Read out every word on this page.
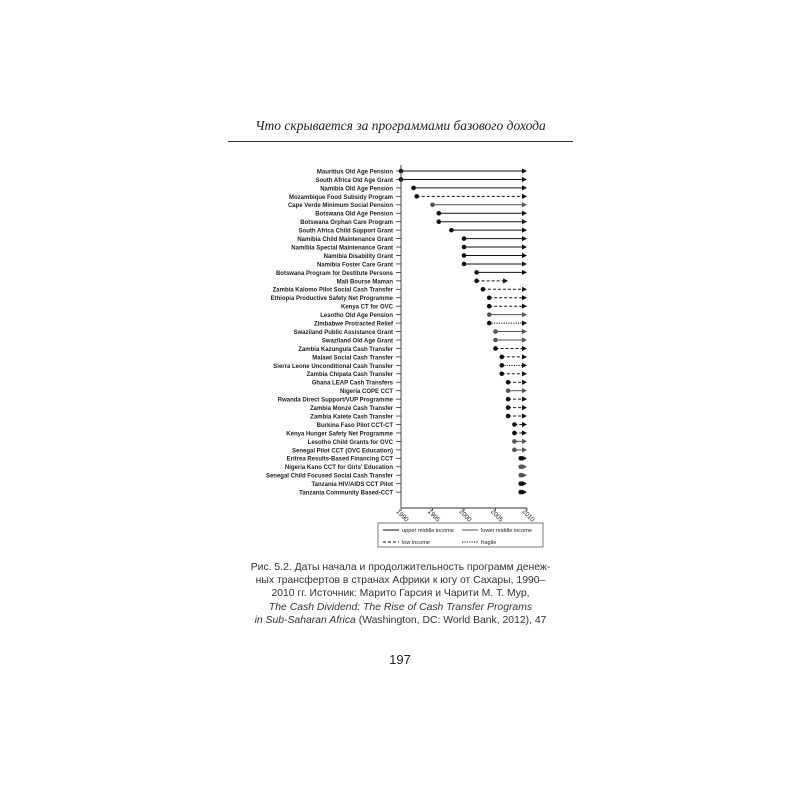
Что скрывается за программами базового дохода
Mauritius Old Age Pension
South Africa Old Age Grant
Namibia Old Age Pension
Mozambique Food Subsidy Program
Cape Verde Minimum Social Pension
Botswana Old Age Pension
Botswana Orphan Care Program
South Africa Child Support Grant
Namibia Child Maintenance Grant
Namibia Special Maintenance Grant
Namibia Disability Grant
Namibia Foster Care Grant
Botswana Program for Destitute Persons
Mali Bourse Maman
Zambia Kalomo Pilot Social Cash Transfer
Ethiopia Productive Safety Net Programme
Kenya CT for OVC
Lesotho Old Age Pension
Zimbabwe Protracted Relief
Swaziland Public Assistance Grant
Swaziland Old Age Grant
Zambia Kazungula Cash Transfer
Malawi Social Cash Transfer
Sierra Leone Unconditional Cash Transfer
Zambia Chipata Cash Transfer
Ghana LEAP Cash Transfers
Nigeria COPE CCT
Rwanda Direct Support/VUP Programme
Zambia Monze Cash Transfer
Zambia Katete Cash Transfer
Burkina Faso Pilot CCT-CT
Kenya Hunger Safety Net Programme
Lesotho Child Grants for OVC
Senegal Pilot CCT (OVC Education)
Eritrea Results-Based Financing CCT
Nigeria Kano CCT for Girls' Education
Senegal Child Focused Social Cash Transfer
Tanzania HIV/AIDS CCT Pilot
Tanzania Community Based-CCT
1990	1995	2000	2005	2010
upper middle income	lower middle income
low income	fragile
Рис. 5.2. Даты начала и продолжительность программ денеж-
ных трансфертов в странах Африки к югу от Сахары, 1990–
2010 гг. Источник: Марито Гарсия и Чарити М. Т. Мур,
The Cash Dividend: The Rise of Cash Transfer Programs
in Sub-Saharan Africa (Washington, DC: World Bank, 2012), 47
197
